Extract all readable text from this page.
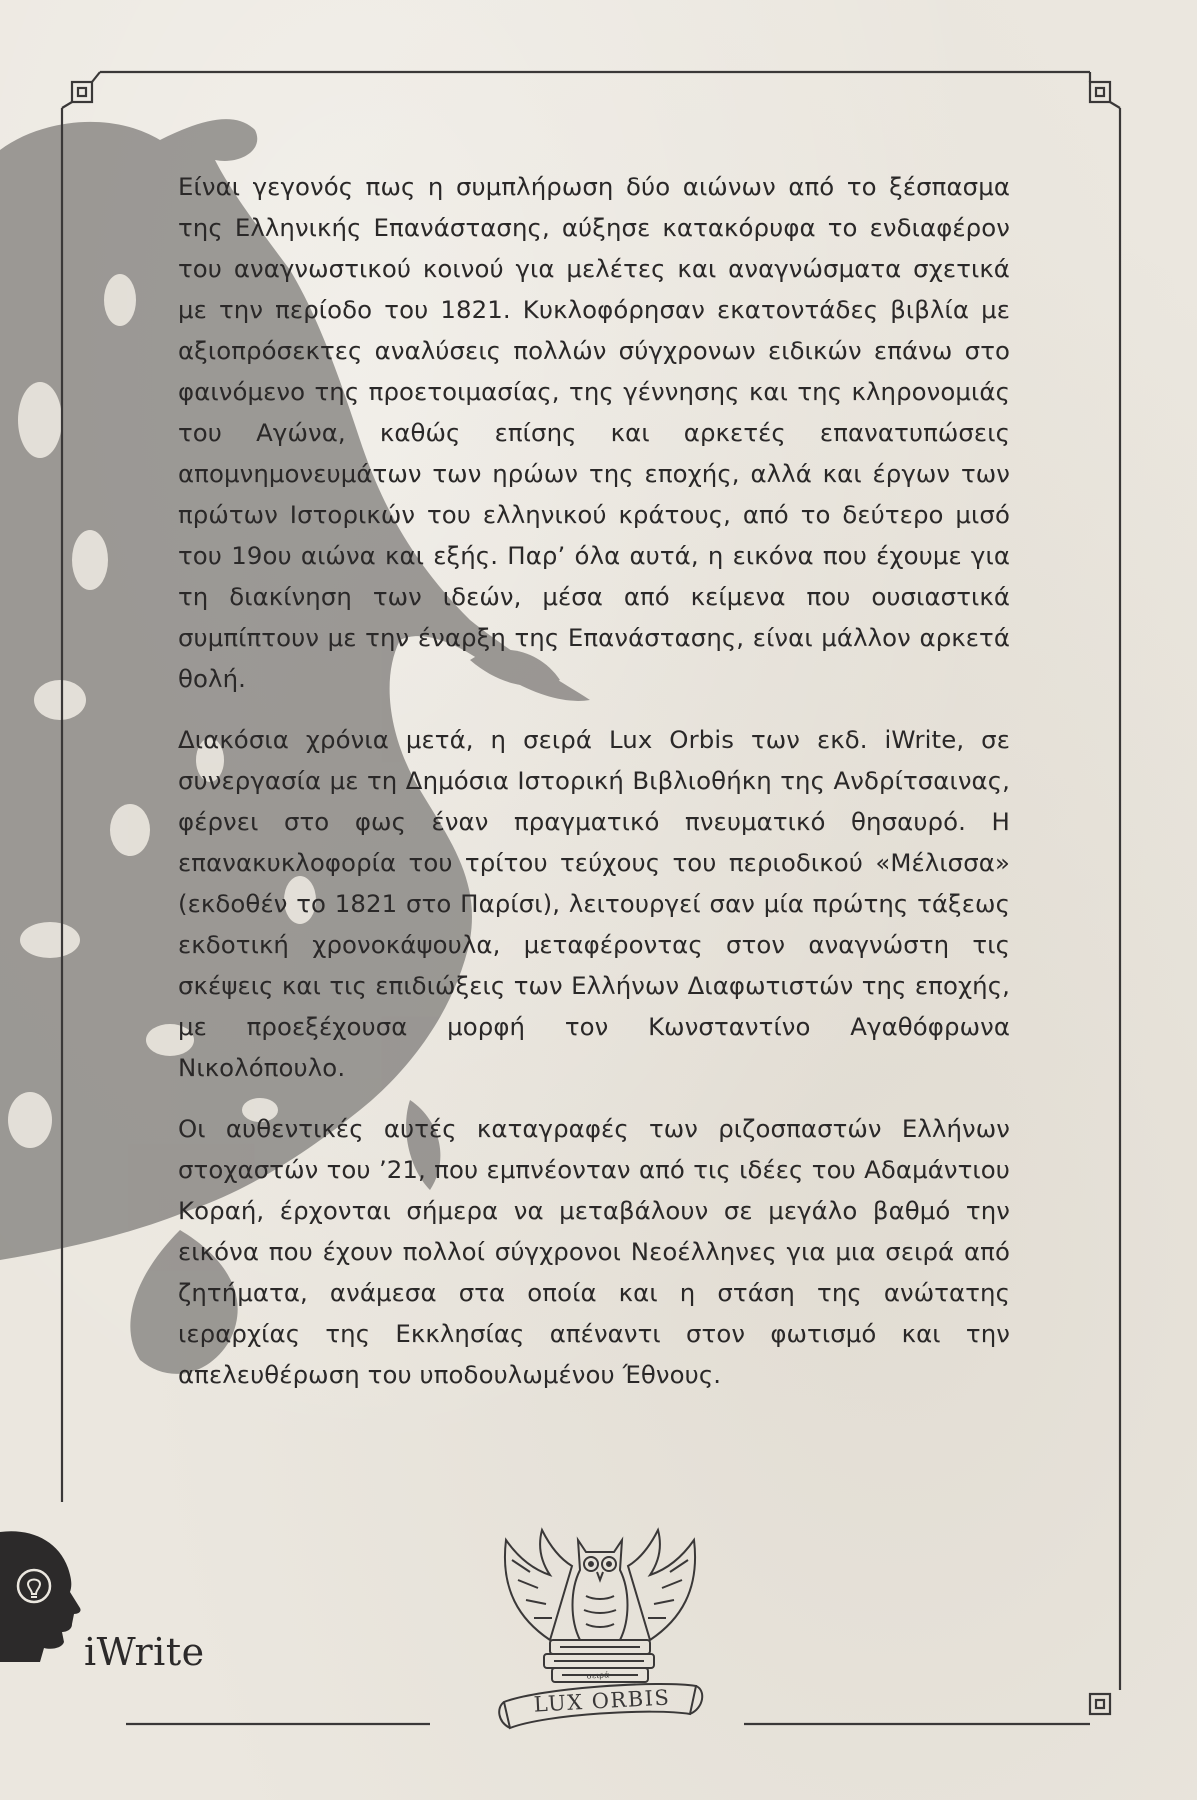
Είναι γεγονός πως η συμπλήρωση δύο αιώνων από το ξέσπασμα της Ελληνικής Επανάστασης, αύξησε κατακόρυφα το ενδιαφέρον του αναγνωστικού κοινού για μελέτες και αναγνώσματα σχετικά με την περίοδο του 1821. Κυκλοφόρησαν εκατοντάδες βιβλία με αξιοπρόσεκτες αναλύσεις πολλών σύγχρονων ειδικών επάνω στο φαινόμενο της προετοιμασίας, της γέννησης και της κληρονομιάς του Αγώνα, καθώς επίσης και αρκετές επανατυπώσεις απομνημονευμάτων των ηρώων της εποχής, αλλά και έργων των πρώτων Ιστορικών του ελληνικού κράτους, από το δεύτερο μισό του 19ου αιώνα και εξής. Παρ’ όλα αυτά, η εικόνα που έχουμε για τη διακίνηση των ιδεών, μέσα από κείμενα που ουσιαστικά συμπίπτουν με την έναρξη της Επανάστασης, είναι μάλλον αρκετά θολή.

Διακόσια χρόνια μετά, η σειρά Lux Orbis των εκδ. iWrite, σε συνεργασία με τη Δημόσια Ιστορική Βιβλιοθήκη της Ανδρίτσαινας, φέρνει στο φως έναν πραγματικό πνευματικό θησαυρό. Η επανακυκλοφορία του τρίτου τεύχους του περιοδικού «Μέλισσα» (εκδοθέν το 1821 στο Παρίσι), λειτουργεί σαν μία πρώτης τάξεως εκδοτική χρονοκάψουλα, μεταφέροντας στον αναγνώστη τις σκέψεις και τις επιδιώξεις των Ελλήνων Διαφωτιστών της εποχής, με προεξέχουσα μορφή τον Κωνσταντίνο Αγαθόφρωνα Νικολόπουλο.

Οι αυθεντικές αυτές καταγραφές των ριζοσπαστών Ελλήνων στοχαστών του ’21, που εμπνέονταν από τις ιδέες του Αδαμάντιου Κοραή, έρχονται σήμερα να μεταβάλουν σε μεγάλο βαθμό την εικόνα που έχουν πολλοί σύγχρονοι Νεοέλληνες για μια σειρά από ζητήματα, ανάμεσα στα οποία και η στάση της ανώτατης ιεραρχίας της Εκκλησίας απέναντι στον φωτισμό και την απελευθέρωση του υποδουλωμένου Έθνους.

iWrite
σειρά
LUX ORBIS
